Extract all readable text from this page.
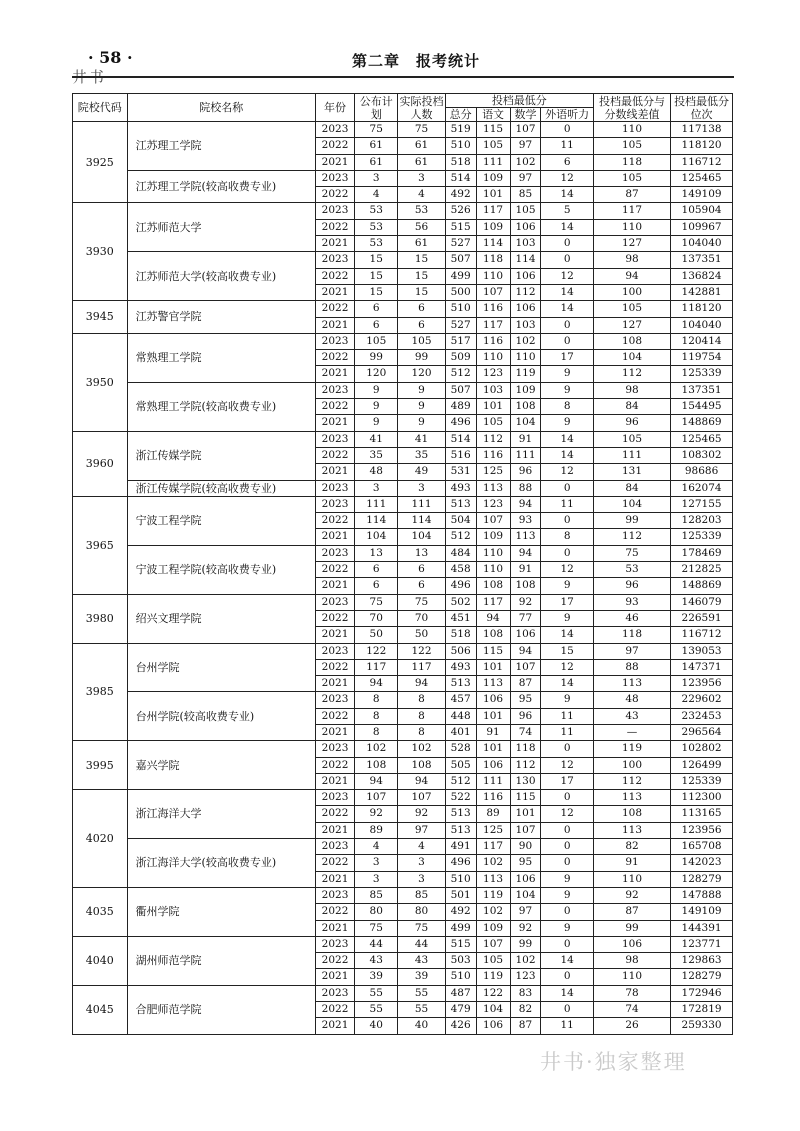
· 58 ·
井书
第二章　报考统计
院校代码	院校名称	年份	公布计划	实际投档人数	投档最低分				投档最低分与分数线差值	投档最低分位次
					总分	语文	数学	外语听力		
3925	江苏理工学院	2023	75	75	519	115	107	0	110	117138
		2022	61	61	510	105	97	11	105	118120
		2021	61	61	518	111	102	6	118	116712
	江苏理工学院(较高收费专业)	2023	3	3	514	109	97	12	105	125465
		2022	4	4	492	101	85	14	87	149109
3930	江苏师范大学	2023	53	53	526	117	105	5	117	105904
		2022	53	56	515	109	106	14	110	109967
		2021	53	61	527	114	103	0	127	104040
	江苏师范大学(较高收费专业)	2023	15	15	507	118	114	0	98	137351
		2022	15	15	499	110	106	12	94	136824
		2021	15	15	500	107	112	14	100	142881
3945	江苏警官学院	2022	6	6	510	116	106	14	105	118120
		2021	6	6	527	117	103	0	127	104040
3950	常熟理工学院	2023	105	105	517	116	102	0	108	120414
		2022	99	99	509	110	110	17	104	119754
		2021	120	120	512	123	119	9	112	125339
	常熟理工学院(较高收费专业)	2023	9	9	507	103	109	9	98	137351
		2022	9	9	489	101	108	8	84	154495
		2021	9	9	496	105	104	9	96	148869
3960	浙江传媒学院	2023	41	41	514	112	91	14	105	125465
		2022	35	35	516	116	111	14	111	108302
		2021	48	49	531	125	96	12	131	98686
	浙江传媒学院(较高收费专业)	2023	3	3	493	113	88	0	84	162074
3965	宁波工程学院	2023	111	111	513	123	94	11	104	127155
		2022	114	114	504	107	93	0	99	128203
		2021	104	104	512	109	113	8	112	125339
	宁波工程学院(较高收费专业)	2023	13	13	484	110	94	0	75	178469
		2022	6	6	458	110	91	12	53	212825
		2021	6	6	496	108	108	9	96	148869
3980	绍兴文理学院	2023	75	75	502	117	92	17	93	146079
		2022	70	70	451	94	77	9	46	226591
		2021	50	50	518	108	106	14	118	116712
3985	台州学院	2023	122	122	506	115	94	15	97	139053
		2022	117	117	493	101	107	12	88	147371
		2021	94	94	513	113	87	14	113	123956
	台州学院(较高收费专业)	2023	8	8	457	106	95	9	48	229602
		2022	8	8	448	101	96	11	43	232453
		2021	8	8	401	91	74	11	—	296564
3995	嘉兴学院	2023	102	102	528	101	118	0	119	102802
		2022	108	108	505	106	112	12	100	126499
		2021	94	94	512	111	130	17	112	125339
4020	浙江海洋大学	2023	107	107	522	116	115	0	113	112300
		2022	92	92	513	89	101	12	108	113165
		2021	89	97	513	125	107	0	113	123956
	浙江海洋大学(较高收费专业)	2023	4	4	491	117	90	0	82	165708
		2022	3	3	496	102	95	0	91	142023
		2021	3	3	510	113	106	9	110	128279
4035	衢州学院	2023	85	85	501	119	104	9	92	147888
		2022	80	80	492	102	97	0	87	149109
		2021	75	75	499	109	92	9	99	144391
4040	湖州师范学院	2023	44	44	515	107	99	0	106	123771
		2022	43	43	503	105	102	14	98	129863
		2021	39	39	510	119	123	0	110	128279
4045	合肥师范学院	2023	55	55	487	122	83	14	78	172946
		2022	55	55	479	104	82	0	74	172819
		2021	40	40	426	106	87	11	26	259330
井书·独家整理
